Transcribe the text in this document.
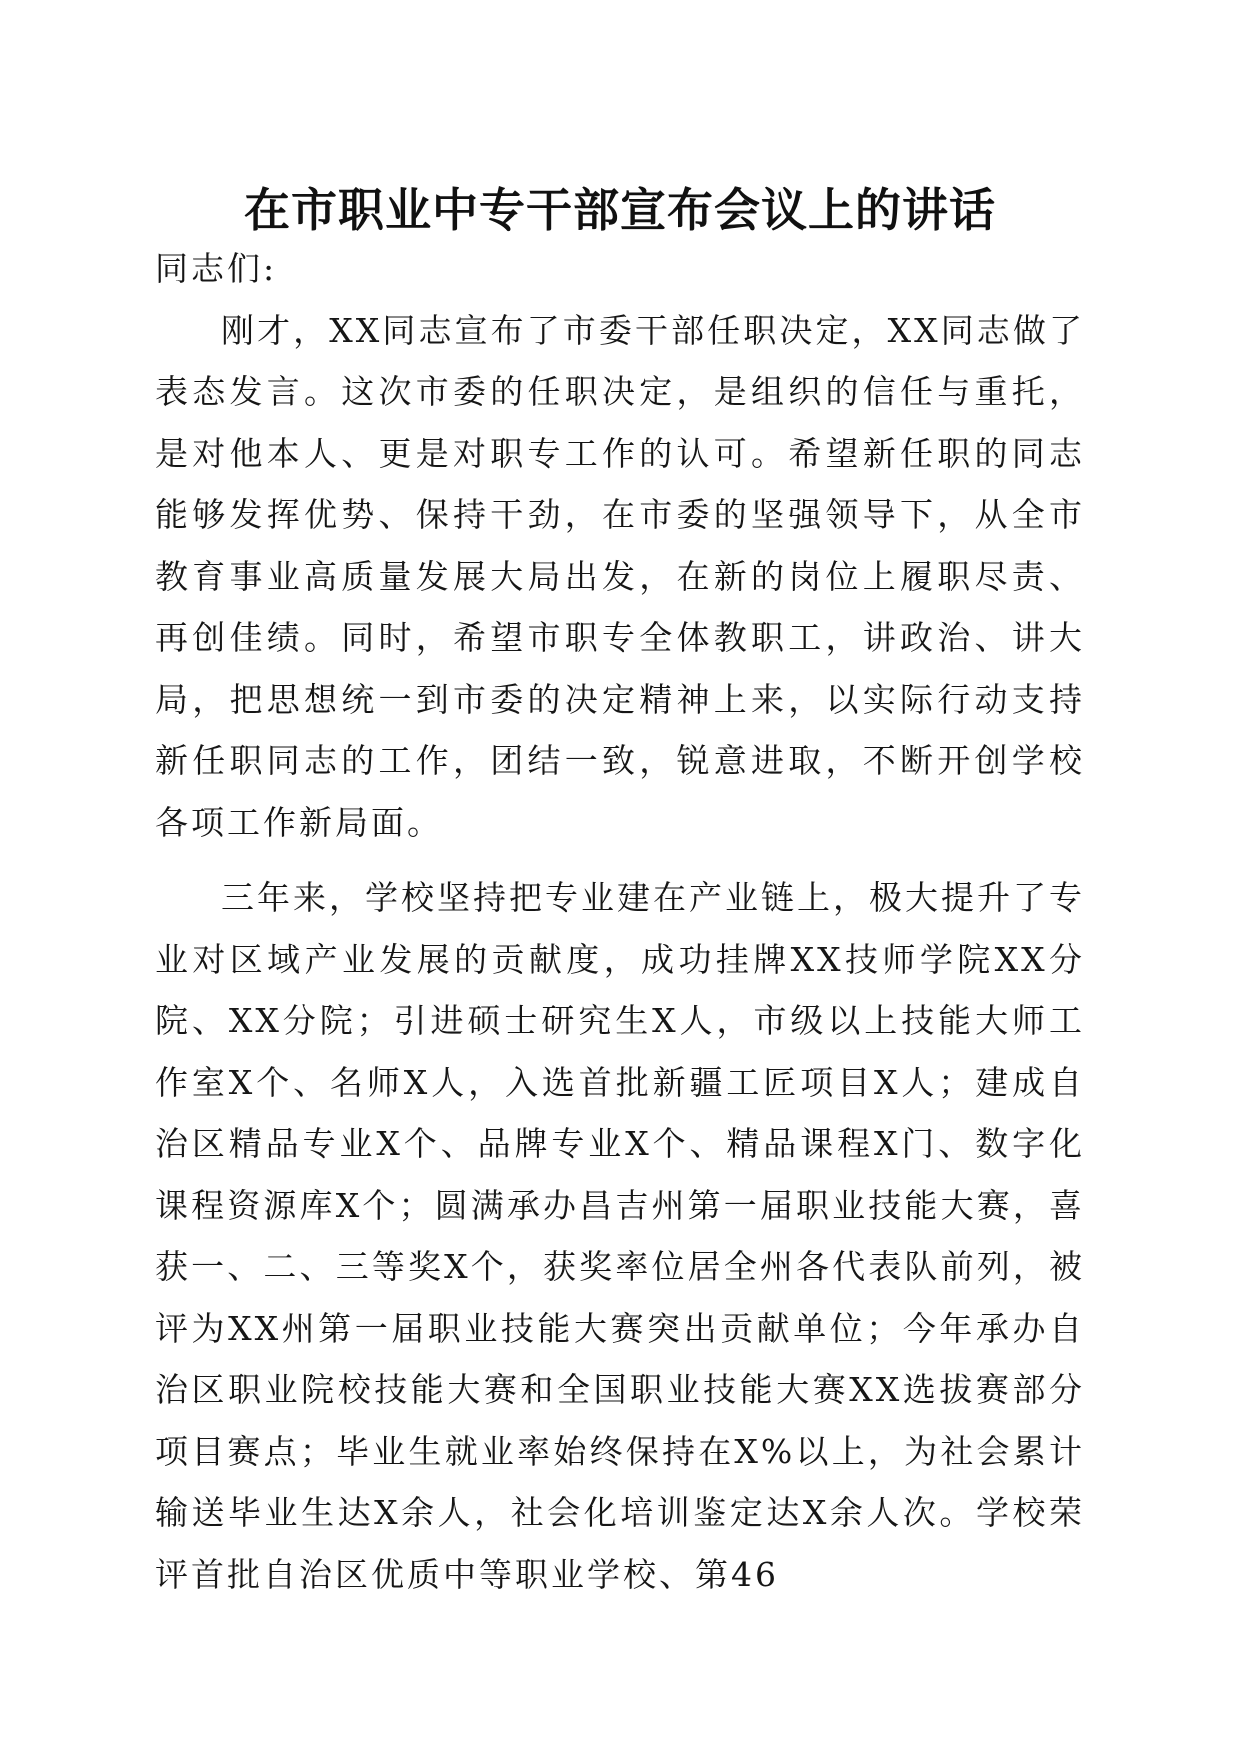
在市职业中专干部宣布会议上的讲话

同志们:

刚才，XX同志宣布了市委干部任职决定，XX同志做了表态发言。这次市委的任职决定，是组织的信任与重托，是对他本人、更是对职专工作的认可。希望新任职的同志能够发挥优势、保持干劲，在市委的坚强领导下，从全市教育事业高质量发展大局出发，在新的岗位上履职尽责、再创佳绩。同时，希望市职专全体教职工，讲政治、讲大局，把思想统一到市委的决定精神上来，以实际行动支持新任职同志的工作，团结一致，锐意进取，不断开创学校各项工作新局面。

三年来，学校坚持把专业建在产业链上，极大提升了专业对区域产业发展的贡献度，成功挂牌XX技师学院XX分院、XX分院；引进硕士研究生X人，市级以上技能大师工作室X个、名师X人，入选首批新疆工匠项目X人；建成自治区精品专业X个、品牌专业X个、精品课程X门、数字化课程资源库X个；圆满承办昌吉州第一届职业技能大赛，喜获一、二、三等奖X个，获奖率位居全州各代表队前列，被评为XX州第一届职业技能大赛突出贡献单位；今年承办自治区职业院校技能大赛和全国职业技能大赛XX选拔赛部分项目赛点；毕业生就业率始终保持在X%以上，为社会累计输送毕业生达X余人，社会化培训鉴定达X余人次。学校荣评首批自治区优质中等职业学校、第46
